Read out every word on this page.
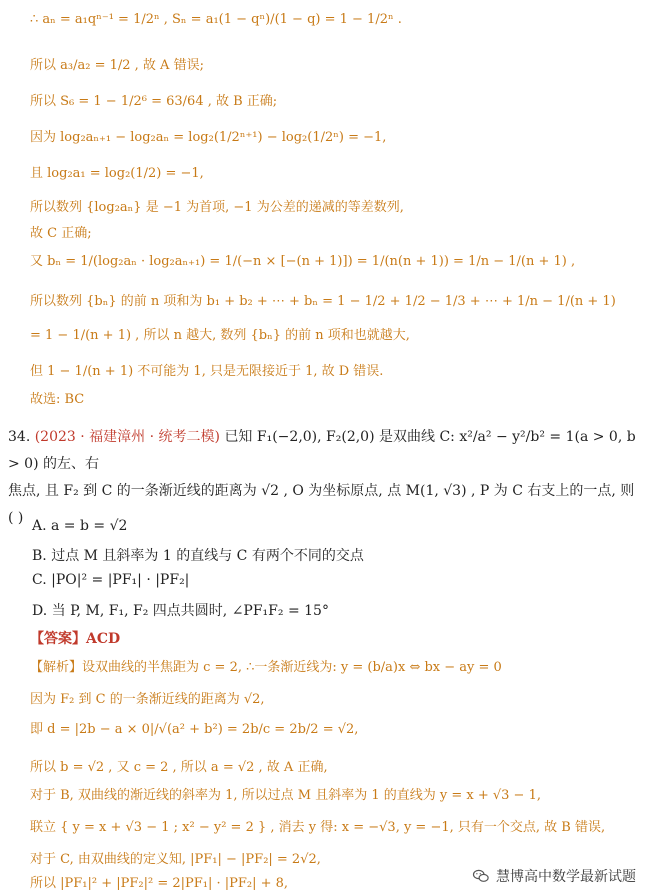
∴ aₙ = a₁qⁿ⁻¹ = 1/2ⁿ , Sₙ = a₁(1 − qⁿ)/(1 − q) = 1 − 1/2ⁿ .
所以 a₃/a₂ = 1/2 , 故 A 错误;
所以 S₆ = 1 − 1/2⁶ = 63/64 , 故 B 正确;
因为 log₂aₙ₊₁ − log₂aₙ = log₂(1/2ⁿ⁺¹) − log₂(1/2ⁿ) = −1,
且 log₂a₁ = log₂(1/2) = −1,
所以数列 {log₂aₙ} 是 −1 为首项, −1 为公差的递减的等差数列,
故 C 正确;
又 bₙ = 1/(log₂aₙ · log₂aₙ₊₁) = 1/(−n × [−(n + 1)]) = 1/(n(n + 1)) = 1/n − 1/(n + 1) ,
所以数列 {bₙ} 的前 n 项和为 b₁ + b₂ + ⋯ + bₙ = 1 − 1/2 + 1/2 − 1/3 + ⋯ + 1/n − 1/(n + 1)
= 1 − 1/(n + 1) , 所以 n 越大, 数列 {bₙ} 的前 n 项和也就越大,
但 1 − 1/(n + 1) 不可能为 1, 只是无限接近于 1, 故 D 错误.
故选: BC
34. (2023 · 福建漳州 · 统考二模) 已知 F₁(−2,0), F₂(2,0) 是双曲线 C: x²/a² − y²/b² = 1(a > 0, b > 0) 的左、右
焦点, 且 F₂ 到 C 的一条渐近线的距离为 √2 , O 为坐标原点, 点 M(1, √3) , P 为 C 右支上的一点, 则
( ) A. a = b = √2
B. 过点 M 且斜率为 1 的直线与 C 有两个不同的交点
C. |PO|² = |PF₁| · |PF₂|
D. 当 P, M, F₁, F₂ 四点共圆时, ∠PF₁F₂ = 15°
【答案】ACD
【解析】设双曲线的半焦距为 c = 2, ∴一条渐近线为: y = (b/a)x ⇔ bx − ay = 0
因为 F₂ 到 C 的一条渐近线的距离为 √2,
即 d = |2b − a × 0|/√(a² + b²) = 2b/c = 2b/2 = √2,
所以 b = √2 , 又 c = 2 , 所以 a = √2 , 故 A 正确,
对于 B, 双曲线的渐近线的斜率为 1, 所以过点 M 且斜率为 1 的直线为 y = x + √3 − 1,
联立 { y = x + √3 − 1 ; x² − y² = 2 } , 消去 y 得: x = −√3, y = −1, 只有一个交点, 故 B 错误,
对于 C, 由双曲线的定义知, |PF₁| − |PF₂| = 2√2,
所以 |PF₁|² + |PF₂|² = 2|PF₁| · |PF₂| + 8,	慧博高中数学最新试题
